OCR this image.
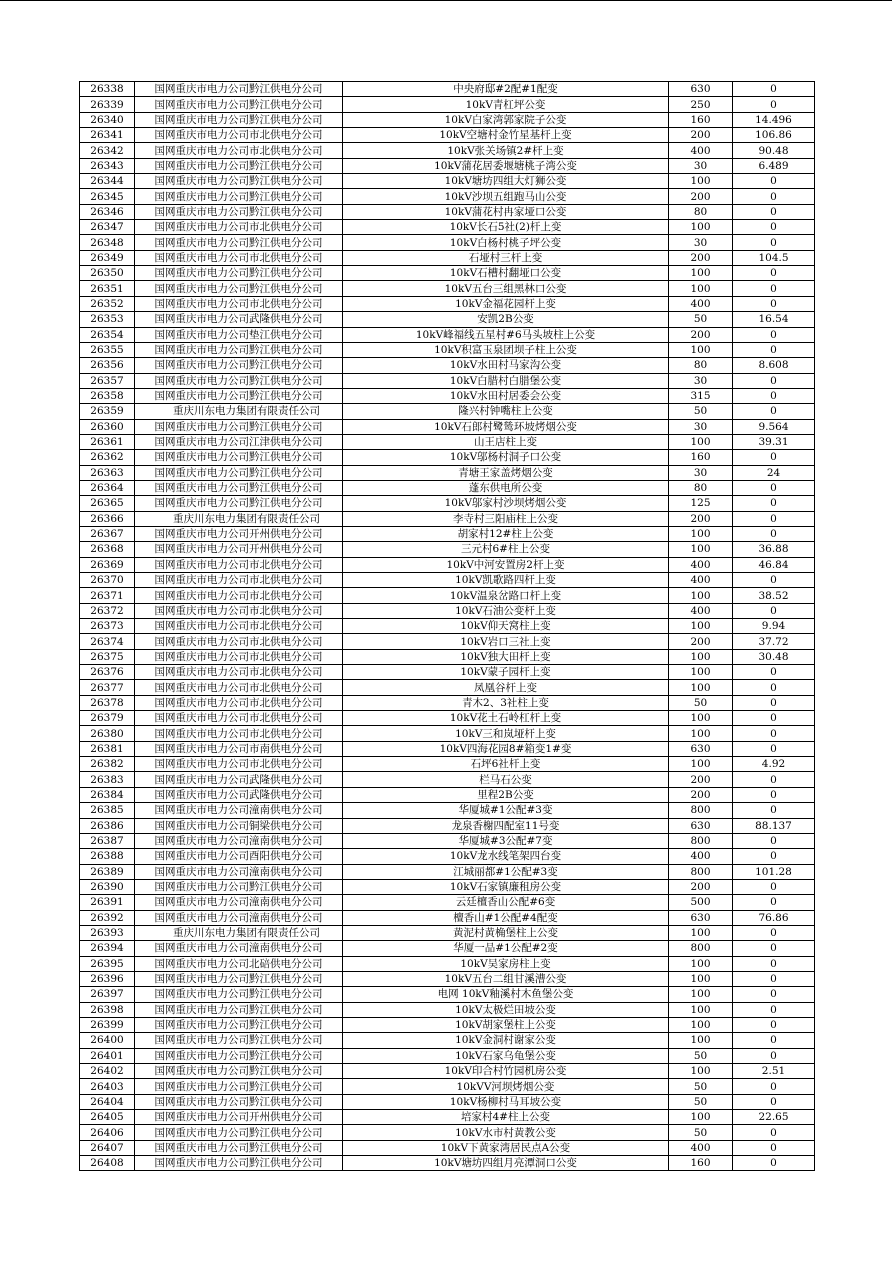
26338	国网重庆市电力公司黔江供电分公司	中央府邸#2配#1配变	630	0
26339	国网重庆市电力公司黔江供电分公司	10kV青杠坪公变	250	0
26340	国网重庆市电力公司黔江供电分公司	10kV白家湾郭家院子公变	160	14.496
26341	国网重庆市电力公司市北供电分公司	10kV空塘村金竹星基杆上变	200	106.86
26342	国网重庆市电力公司市北供电分公司	10kV张关场镇2#杆上变	400	90.48
26343	国网重庆市电力公司黔江供电分公司	10kV蒲花居委堰塘桃子湾公变	30	6.489
26344	国网重庆市电力公司黔江供电分公司	10kV塘坊四组大灯狮公变	100	0
26345	国网重庆市电力公司黔江供电分公司	10kV沙坝五组跑马山公变	200	0
26346	国网重庆市电力公司黔江供电分公司	10kV蒲花村冉家垭口公变	80	0
26347	国网重庆市电力公司市北供电分公司	10kV长石5社(2)杆上变	100	0
26348	国网重庆市电力公司黔江供电分公司	10kV白杨村桃子坪公变	30	0
26349	国网重庆市电力公司市北供电分公司	石垭村三杆上变	200	104.5
26350	国网重庆市电力公司黔江供电分公司	10kV石槽村翻垭口公变	100	0
26351	国网重庆市电力公司黔江供电分公司	10kV五台三组黑林口公变	100	0
26352	国网重庆市电力公司市北供电分公司	10kV金福花园杆上变	400	0
26353	国网重庆市电力公司武隆供电分公司	安凯2B公变	50	16.54
26354	国网重庆市电力公司垫江供电分公司	10kV峰福线五星村#6马头坡柱上公变	200	0
26355	国网重庆市电力公司黔江供电分公司	10kV积富玉泉团坝子柱上公变	100	0
26356	国网重庆市电力公司黔江供电分公司	10kV水田村马家沟公变	80	8.608
26357	国网重庆市电力公司黔江供电分公司	10kV白腊村白腊堡公变	30	0
26358	国网重庆市电力公司黔江供电分公司	10kV水田村居委会公变	315	0
26359	重庆川东电力集团有限责任公司	隆兴村钟嘴柱上公变	50	0
26360	国网重庆市电力公司黔江供电分公司	10kV石郎村鹭鸶环坡烤烟公变	30	9.564
26361	国网重庆市电力公司江津供电分公司	山王店柱上变	100	39.31
26362	国网重庆市电力公司黔江供电分公司	10kV邬杨村洞子口公变	160	0
26363	国网重庆市电力公司黔江供电分公司	青塘王家盖烤烟公变	30	24
26364	国网重庆市电力公司黔江供电分公司	蓬东供电所公变	80	0
26365	国网重庆市电力公司黔江供电分公司	10kV邬家村沙坝烤烟公变	125	0
26366	重庆川东电力集团有限责任公司	李寺村三阳庙柱上公变	200	0
26367	国网重庆市电力公司开州供电分公司	胡家村12#柱上公变	100	0
26368	国网重庆市电力公司开州供电分公司	三元村6#柱上公变	100	36.88
26369	国网重庆市电力公司市北供电分公司	10kV中河安置房2杆上变	400	46.84
26370	国网重庆市电力公司市北供电分公司	10kV凯歌路四杆上变	400	0
26371	国网重庆市电力公司市北供电分公司	10kV温泉岔路口杆上变	100	38.52
26372	国网重庆市电力公司市北供电分公司	10kV石油公变杆上变	400	0
26373	国网重庆市电力公司市北供电分公司	10kV仰天窝柱上变	100	9.94
26374	国网重庆市电力公司市北供电分公司	10kV岩口三社上变	200	37.72
26375	国网重庆市电力公司市北供电分公司	10kV独大田杆上变	100	30.48
26376	国网重庆市电力公司市北供电分公司	10kV蒙子园杆上变	100	0
26377	国网重庆市电力公司市北供电分公司	凤凰谷杆上变	100	0
26378	国网重庆市电力公司市北供电分公司	青木2、3社柱上变	50	0
26379	国网重庆市电力公司市北供电分公司	10kV花土石岭杠杆上变	100	0
26380	国网重庆市电力公司市北供电分公司	10kV三和岚垭杆上变	100	0
26381	国网重庆市电力公司市南供电分公司	10kV四海花园8#箱变1#变	630	0
26382	国网重庆市电力公司市北供电分公司	石坪6社杆上变	100	4.92
26383	国网重庆市电力公司武隆供电分公司	栏马石公变	200	0
26384	国网重庆市电力公司武隆供电分公司	里程2B公变	200	0
26385	国网重庆市电力公司潼南供电分公司	华厦城#1公配#3变	800	0
26386	国网重庆市电力公司铜梁供电分公司	龙泉香榭四配室11号变	630	88.137
26387	国网重庆市电力公司潼南供电分公司	华厦城#3公配#7变	800	0
26388	国网重庆市电力公司酉阳供电分公司	10kV龙水线笔架四台变	400	0
26389	国网重庆市电力公司潼南供电分公司	江城丽都#1公配#3变	800	101.28
26390	国网重庆市电力公司黔江供电分公司	10kV石家镇廉租房公变	200	0
26391	国网重庆市电力公司潼南供电分公司	云廷檀香山公配#6变	500	0
26392	国网重庆市电力公司潼南供电分公司	檀香山#1公配#4配变	630	76.86
26393	重庆川东电力集团有限责任公司	黄泥村黄桷堡柱上公变	100	0
26394	国网重庆市电力公司潼南供电分公司	华厦一品#1公配#2变	800	0
26395	国网重庆市电力公司北碚供电分公司	10kV吴家房柱上变	100	0
26396	国网重庆市电力公司黔江供电分公司	10kV五台二组甘溪漕公变	100	0
26397	国网重庆市电力公司黔江供电分公司	电网 10kV釉溪村木鱼堡公变	100	0
26398	国网重庆市电力公司黔江供电分公司	10kV太极烂田坡公变	100	0
26399	国网重庆市电力公司黔江供电分公司	10kV胡家堡柱上公变	100	0
26400	国网重庆市电力公司黔江供电分公司	10kV金洞村谢家公变	100	0
26401	国网重庆市电力公司黔江供电分公司	10kV石家乌龟堡公变	50	0
26402	国网重庆市电力公司黔江供电分公司	10kV印合村竹园机房公变	100	2.51
26403	国网重庆市电力公司黔江供电分公司	10kVV河坝烤烟公变	50	0
26404	国网重庆市电力公司黔江供电分公司	10kV杨柳村马耳坡公变	50	0
26405	国网重庆市电力公司开州供电分公司	培家村4#柱上公变	100	22.65
26406	国网重庆市电力公司黔江供电分公司	10kV水市村黄教公变	50	0
26407	国网重庆市电力公司黔江供电分公司	10kV下黄家湾居民点A公变	400	0
26408	国网重庆市电力公司黔江供电分公司	10kV塘坊四组月亮潭洞口公变	160	0
